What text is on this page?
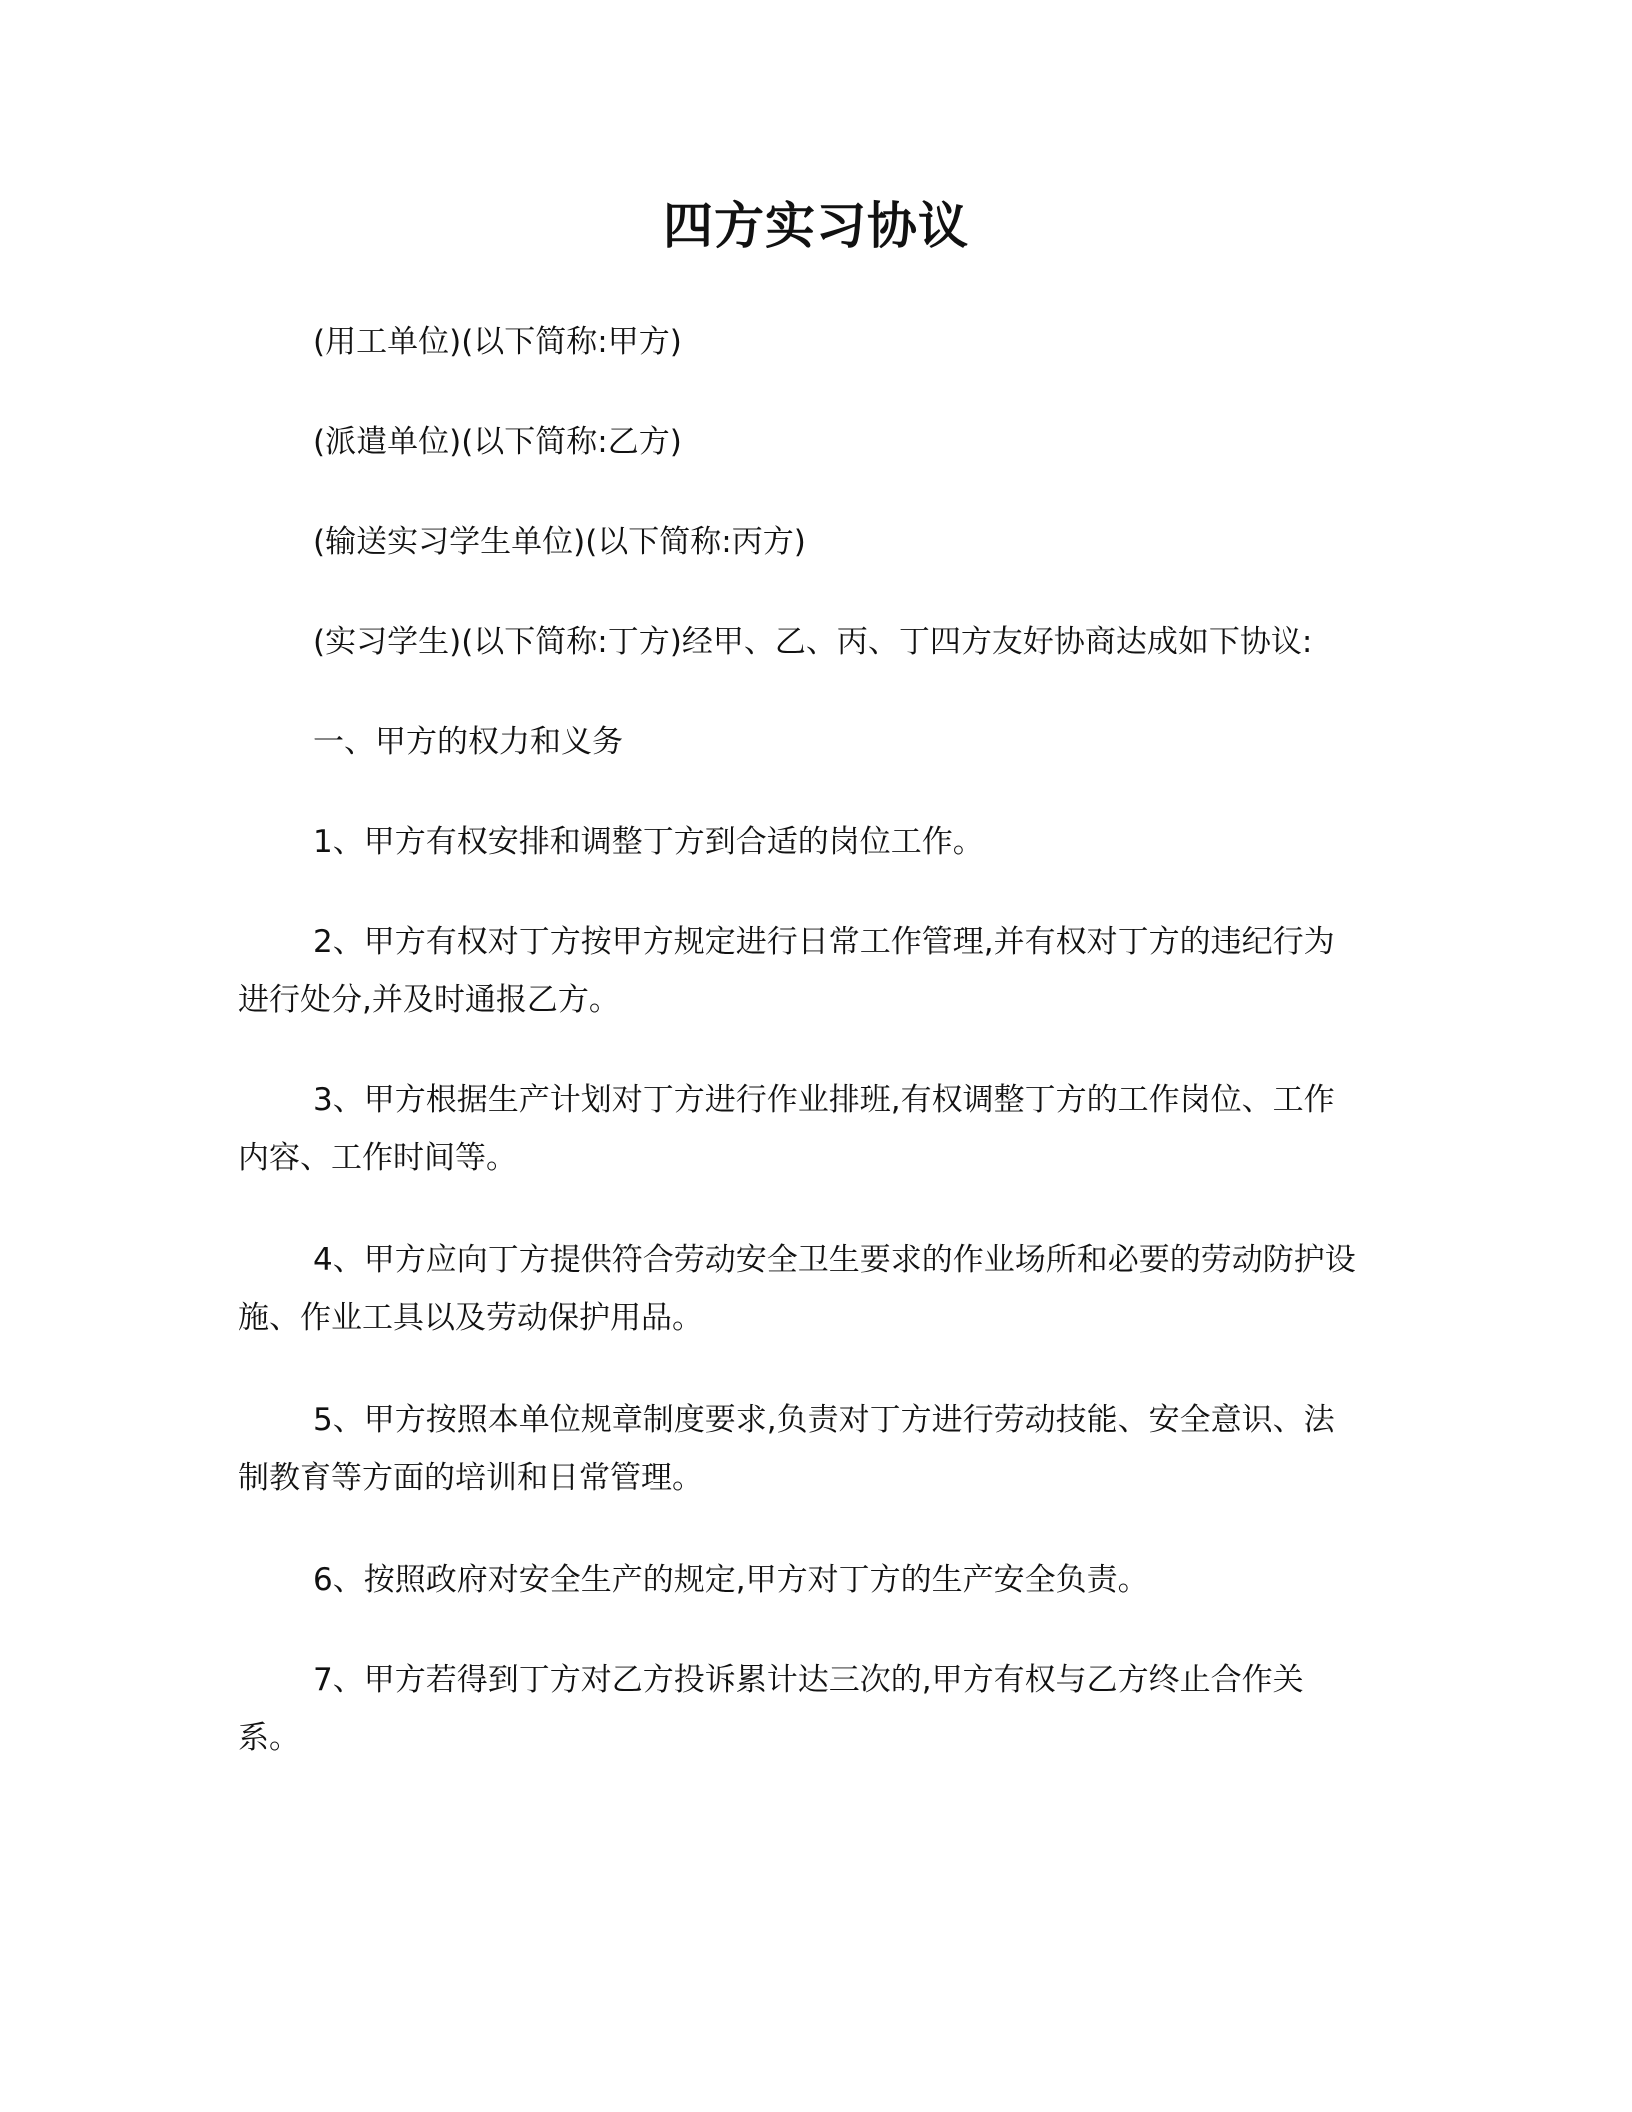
四方实习协议
(用工单位)(以下简称:甲方)
(派遣单位)(以下简称:乙方)
(输送实习学生单位)(以下简称:丙方)
(实习学生)(以下简称:丁方)经甲、乙、丙、丁四方友好协商达成如下协议:
一、甲方的权力和义务
1、甲方有权安排和调整丁方到合适的岗位工作。
2、甲方有权对丁方按甲方规定进行日常工作管理,并有权对丁方的违纪行为
进行处分,并及时通报乙方。
3、甲方根据生产计划对丁方进行作业排班,有权调整丁方的工作岗位、工作
内容、工作时间等。
4、甲方应向丁方提供符合劳动安全卫生要求的作业场所和必要的劳动防护设
施、作业工具以及劳动保护用品。
5、甲方按照本单位规章制度要求,负责对丁方进行劳动技能、安全意识、法
制教育等方面的培训和日常管理。
6、按照政府对安全生产的规定,甲方对丁方的生产安全负责。
7、甲方若得到丁方对乙方投诉累计达三次的,甲方有权与乙方终止合作关
系。
